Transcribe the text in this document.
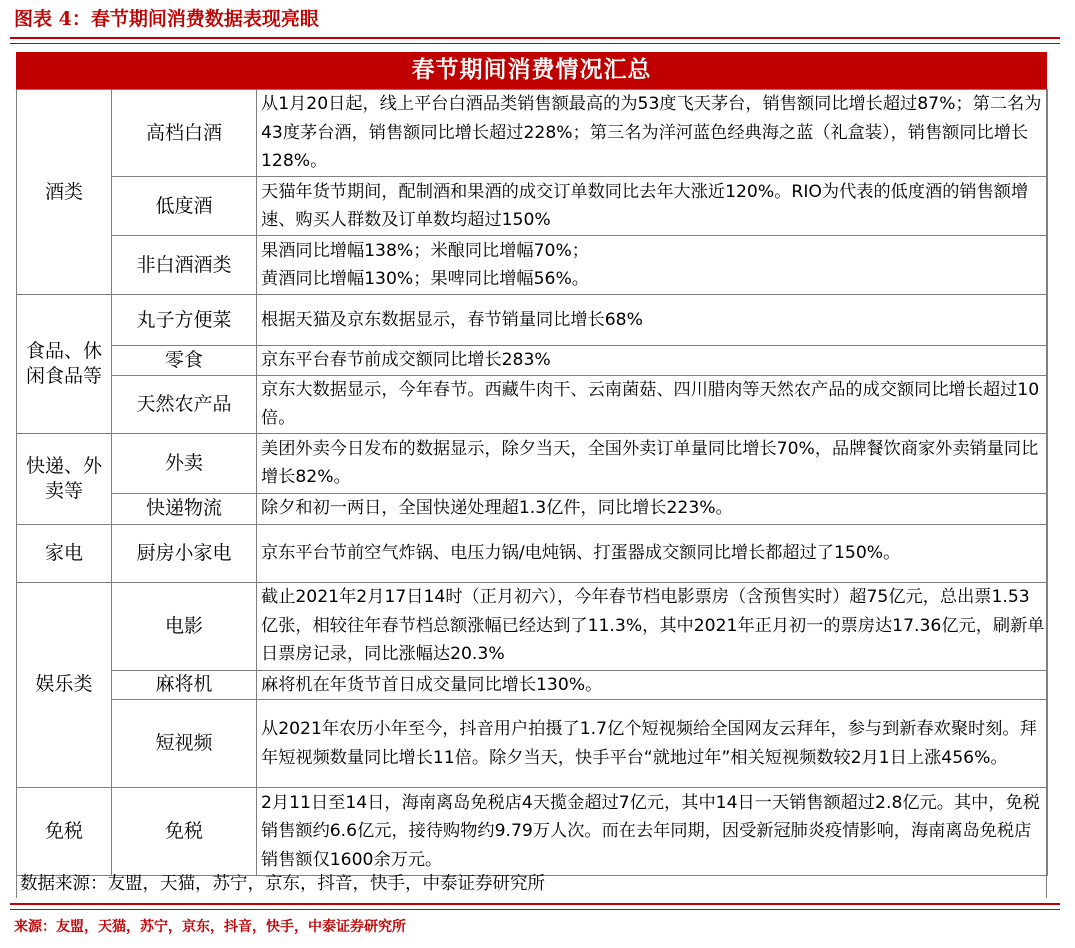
图表 4：春节期间消费数据表现亮眼
春节期间消费情况汇总
酒类	高档白酒	从1月20日起，线上平台白酒品类销售额最高的为53度飞天茅台，销售额同比增长超过87%；第二名为43度茅台酒，销售额同比增长超过228%；第三名为洋河蓝色经典海之蓝（礼盒装），销售额同比增长128%。
	低度酒	天猫年货节期间，配制酒和果酒的成交订单数同比去年大涨近120%。RIO为代表的低度酒的销售额增速、购买人群数及订单数均超过150%
	非白酒酒类	果酒同比增幅138%；米酿同比增幅70%；
黄酒同比增幅130%；果啤同比增幅56%。

食品、休闲食品等	丸子方便菜	根据天猫及京东数据显示，春节销量同比增长68%
	零食	京东平台春节前成交额同比增长283%
	天然农产品	京东大数据显示，今年春节。西藏牛肉干、云南菌菇、四川腊肉等天然农产品的成交额同比增长超过10倍。
快递、外卖等	外卖	美团外卖今日发布的数据显示，除夕当天，全国外卖订单量同比增长70%，品牌餐饮商家外卖销量同比增长82%。
	快递物流	除夕和初一两日，全国快递处理超1.3亿件，同比增长223%。
家电	厨房小家电	京东平台节前空气炸锅、电压力锅/电炖锅、打蛋器成交额同比增长都超过了150%。
娱乐类	电影	截止2021年2月17日14时（正月初六），今年春节档电影票房（含预售实时）超75亿元，总出票1.53亿张，相较往年春节档总额涨幅已经达到了11.3%，其中2021年正月初一的票房达17.36亿元，刷新单日票房记录，同比涨幅达20.3%
	麻将机	麻将机在年货节首日成交量同比增长130%。
	短视频	从2021年农历小年至今，抖音用户拍摄了1.7亿个短视频给全国网友云拜年，参与到新春欢聚时刻。拜年短视频数量同比增长11倍。除夕当天，快手平台“就地过年”相关短视频数较2月1日上涨456%。
免税	免税	2月11日至14日，海南离岛免税店4天揽金超过7亿元，其中14日一天销售额超过2.8亿元。其中，免税销售额约6.6亿元，接待购物约9.79万人次。而在去年同期，因受新冠肺炎疫情影响，海南离岛免税店销售额仅1600余万元。
数据来源：友盟，天猫，苏宁，京东，抖音，快手，中泰证券研究所
来源：友盟，天猫，苏宁，京东，抖音，快手，中泰证券研究所
